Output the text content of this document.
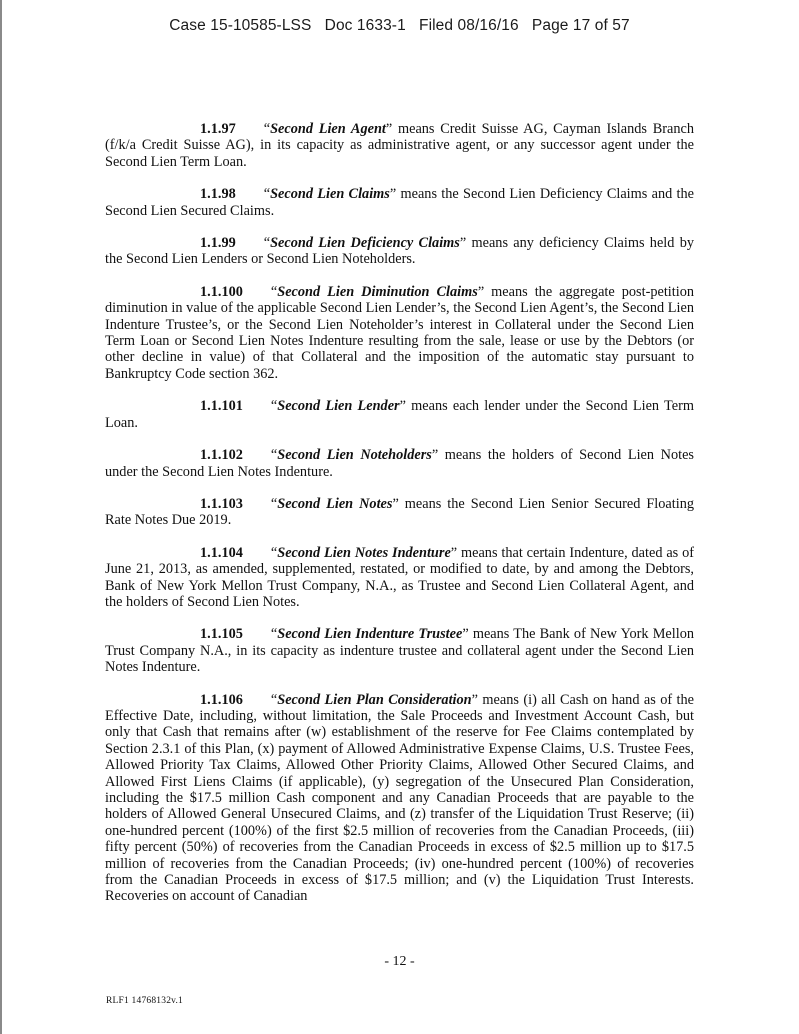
Case 15-10585-LSS Doc 1633-1 Filed 08/16/16 Page 17 of 57

1.1.97 “Second Lien Agent” means Credit Suisse AG, Cayman Islands Branch (f/k/a Credit Suisse AG), in its capacity as administrative agent, or any successor agent under the Second Lien Term Loan.

1.1.98 “Second Lien Claims” means the Second Lien Deficiency Claims and the Second Lien Secured Claims.

1.1.99 “Second Lien Deficiency Claims” means any deficiency Claims held by the Second Lien Lenders or Second Lien Noteholders.

1.1.100 “Second Lien Diminution Claims” means the aggregate post-petition diminution in value of the applicable Second Lien Lender’s, the Second Lien Agent’s, the Second Lien Indenture Trustee’s, or the Second Lien Noteholder’s interest in Collateral under the Second Lien Term Loan or Second Lien Notes Indenture resulting from the sale, lease or use by the Debtors (or other decline in value) of that Collateral and the imposition of the automatic stay pursuant to Bankruptcy Code section 362.

1.1.101 “Second Lien Lender” means each lender under the Second Lien Term Loan.

1.1.102 “Second Lien Noteholders” means the holders of Second Lien Notes under the Second Lien Notes Indenture.

1.1.103 “Second Lien Notes” means the Second Lien Senior Secured Floating Rate Notes Due 2019.

1.1.104 “Second Lien Notes Indenture” means that certain Indenture, dated as of June 21, 2013, as amended, supplemented, restated, or modified to date, by and among the Debtors, Bank of New York Mellon Trust Company, N.A., as Trustee and Second Lien Collateral Agent, and the holders of Second Lien Notes.

1.1.105 “Second Lien Indenture Trustee” means The Bank of New York Mellon Trust Company N.A., in its capacity as indenture trustee and collateral agent under the Second Lien Notes Indenture.

1.1.106 “Second Lien Plan Consideration” means (i) all Cash on hand as of the Effective Date, including, without limitation, the Sale Proceeds and Investment Account Cash, but only that Cash that remains after (w) establishment of the reserve for Fee Claims contemplated by Section 2.3.1 of this Plan, (x) payment of Allowed Administrative Expense Claims, U.S. Trustee Fees, Allowed Priority Tax Claims, Allowed Other Priority Claims, Allowed Other Secured Claims, and Allowed First Liens Claims (if applicable), (y) segregation of the Unsecured Plan Consideration, including the $17.5 million Cash component and any Canadian Proceeds that are payable to the holders of Allowed General Unsecured Claims, and (z) transfer of the Liquidation Trust Reserve; (ii) one-hundred percent (100%) of the first $2.5 million of recoveries from the Canadian Proceeds, (iii) fifty percent (50%) of recoveries from the Canadian Proceeds in excess of $2.5 million up to $17.5 million of recoveries from the Canadian Proceeds; (iv) one-hundred percent (100%) of recoveries from the Canadian Proceeds in excess of $17.5 million; and (v) the Liquidation Trust Interests. Recoveries on account of Canadian

- 12 -
RLF1 14768132v.1
